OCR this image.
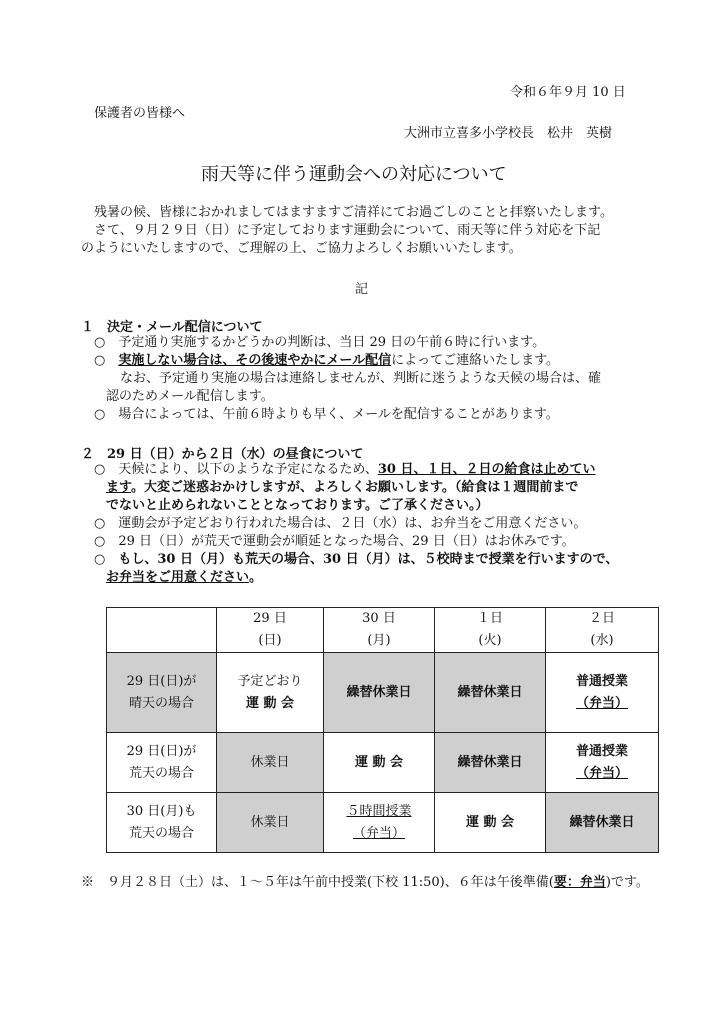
令和６年９月 10 日
保護者の皆様へ
大洲市立喜多小学校長　松井　英樹
雨天等に伴う運動会への対応について
残暑の候、皆様におかれましてはますますご清祥にてお過ごしのことと拝察いたします。
さて、９月２９日（日）に予定しております運動会について、雨天等に伴う対応を下記
のようにいたしますので、ご理解の上、ご協力よろしくお願いいたします。
記
１　決定・メール配信について
○　予定通り実施するかどうかの判断は、当日 29 日の午前６時に行います。
○　実施しない場合は、その後速やかにメール配信によってご連絡いたします。
なお、予定通り実施の場合は連絡しませんが、判断に迷うような天候の場合は、確
認のためメール配信します。
○　場合によっては、午前６時よりも早く、メールを配信することがあります。
２　29 日（日）から２日（水）の昼食について
○　天候により、以下のような予定になるため、30 日、１日、２日の給食は止めてい
ます。大変ご迷惑おかけしますが、よろしくお願いします。（給食は１週間前まで
でないと止められないこととなっております。ご了承ください。）
○　運動会が予定どおり行われた場合は、２日（水）は、お弁当をご用意ください。
○　29 日（日）が荒天で運動会が順延となった場合、29 日（日）はお休みです。
○　もし、30 日（月）も荒天の場合、30 日（月）は、５校時まで授業を行いますので、
お弁当をご用意ください。
	29 日
(日)	30 日
(月)	１日
(火)	２日
(水)
29 日(日)が
晴天の場合	予定どおり
運 動 会	繰替休業日	繰替休業日	普通授業
（弁当）
29 日(日)が
荒天の場合	休業日	運 動 会	繰替休業日	普通授業
（弁当）
30 日(月)も
荒天の場合	休業日	５時間授業
（弁当）	運 動 会	繰替休業日
※　９月２８日（土）は、１～５年は午前中授業(下校 11:50)、６年は午後準備(要：弁当)です。
